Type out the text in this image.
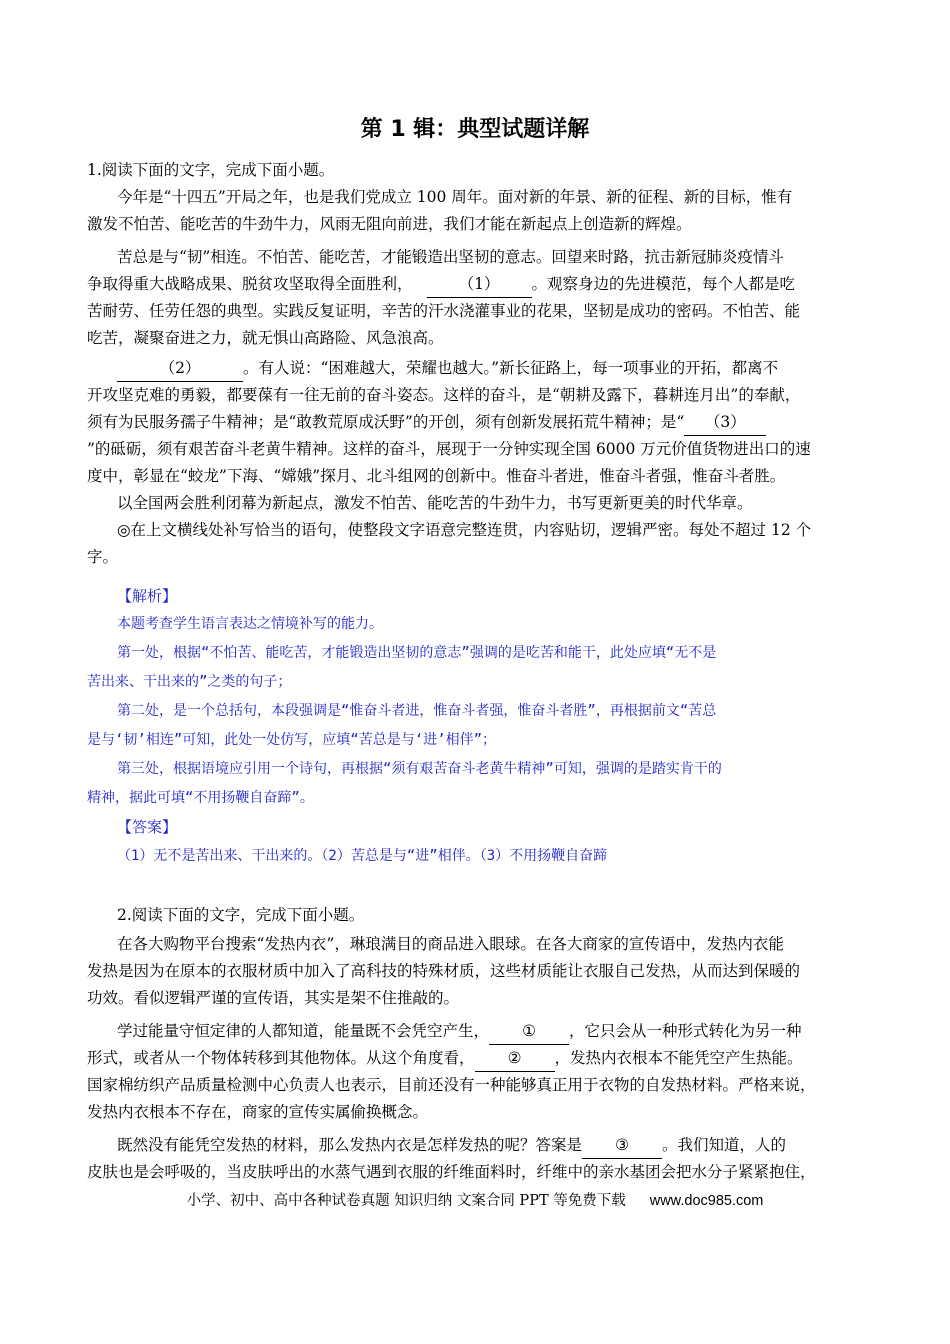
第 1 辑：典型试题详解
1.阅读下面的文字，完成下面小题。
今年是“十四五”开局之年，也是我们党成立 100 周年。面对新的年景、新的征程、新的目标，惟有
激发不怕苦、能吃苦的牛劲牛力，风雨无阻向前进，我们才能在新起点上创造新的辉煌。
苦总是与“韧”相连。不怕苦、能吃苦，才能锻造出坚韧的意志。回望来时路，抗击新冠肺炎疫情斗
争取得重大战略成果、脱贫攻坚取得全面胜利，	（1） 。观察身边的先进模范，每个人都是吃
苦耐劳、任劳任怨的典型。实践反复证明，辛苦的汗水浇灌事业的花果，坚韧是成功的密码。不怕苦、能
吃苦，凝聚奋进之力，就无惧山高路险、风急浪高。
（2）	。有人说：“困难越大，荣耀也越大。”新长征路上，每一项事业的开拓，都离不
开攻坚克难的勇毅，都要葆有一往无前的奋斗姿态。这样的奋斗，是“朝耕及露下，暮耕连月出”的奉献，
须有为民服务孺子牛精神；是“敢教荒原成沃野”的开创，须有创新发展拓荒牛精神；是“ （3）
”的砥砺，须有艰苦奋斗老黄牛精神。这样的奋斗，展现于一分钟实现全国 6000 万元价值货物进出口的速
度中，彰显在“蛟龙”下海、“嫦娥”探月、北斗组网的创新中。惟奋斗者进，惟奋斗者强，惟奋斗者胜。
以全国两会胜利闭幕为新起点，激发不怕苦、能吃苦的牛劲牛力，书写更新更美的时代华章。
◎在上文横线处补写恰当的语句，使整段文字语意完整连贯，内容贴切，逻辑严密。每处不超过 12 个
字。
【解析】
本题考查学生语言表达之情境补写的能力。
第一处，根据“不怕苦、能吃苦，才能锻造出坚韧的意志”强调的是吃苦和能干，此处应填“无不是
苦出来、干出来的”之类的句子；
第二处，是一个总括句，本段强调是“惟奋斗者进，惟奋斗者强，惟奋斗者胜”，再根据前文“苦总
是与‘韧’相连”可知，此处一处仿写，应填“苦总是与‘进’相伴”；
第三处，根据语境应引用一个诗句，再根据“须有艰苦奋斗老黄牛精神”可知，强调的是踏实肯干的
精神，据此可填“不用扬鞭自奋蹄”。
【答案】
（1）无不是苦出来、干出来的。（2）苦总是与“进”相伴。（3）不用扬鞭自奋蹄
2.阅读下面的文字，完成下面小题。
在各大购物平台搜索“发热内衣”，琳琅满目的商品进入眼球。在各大商家的宣传语中，发热内衣能
发热是因为在原本的衣服材质中加入了高科技的特殊材质，这些材质能让衣服自己发热，从而达到保暖的
功效。看似逻辑严谨的宣传语，其实是架不住推敲的。
学过能量守恒定律的人都知道，能量既不会凭空产生， ① ，它只会从一种形式转化为另一种
形式，或者从一个物体转移到其他物体。从这个角度看， ② ，发热内衣根本不能凭空产生热能。
国家棉纺织产品质量检测中心负责人也表示，目前还没有一种能够真正用于衣物的自发热材料。严格来说，
发热内衣根本不存在，商家的宣传实属偷换概念。
既然没有能凭空发热的材料，那么发热内衣是怎样发热的呢？答案是 ③ 。我们知道，人的
皮肤也是会呼吸的，当皮肤呼出的水蒸气遇到衣服的纤维面料时，纤维中的亲水基团会把水分子紧紧抱住，
小学、初中、高中各种试卷真题 知识归纳 文案合同 PPT 等免费下载 www.doc985.com
